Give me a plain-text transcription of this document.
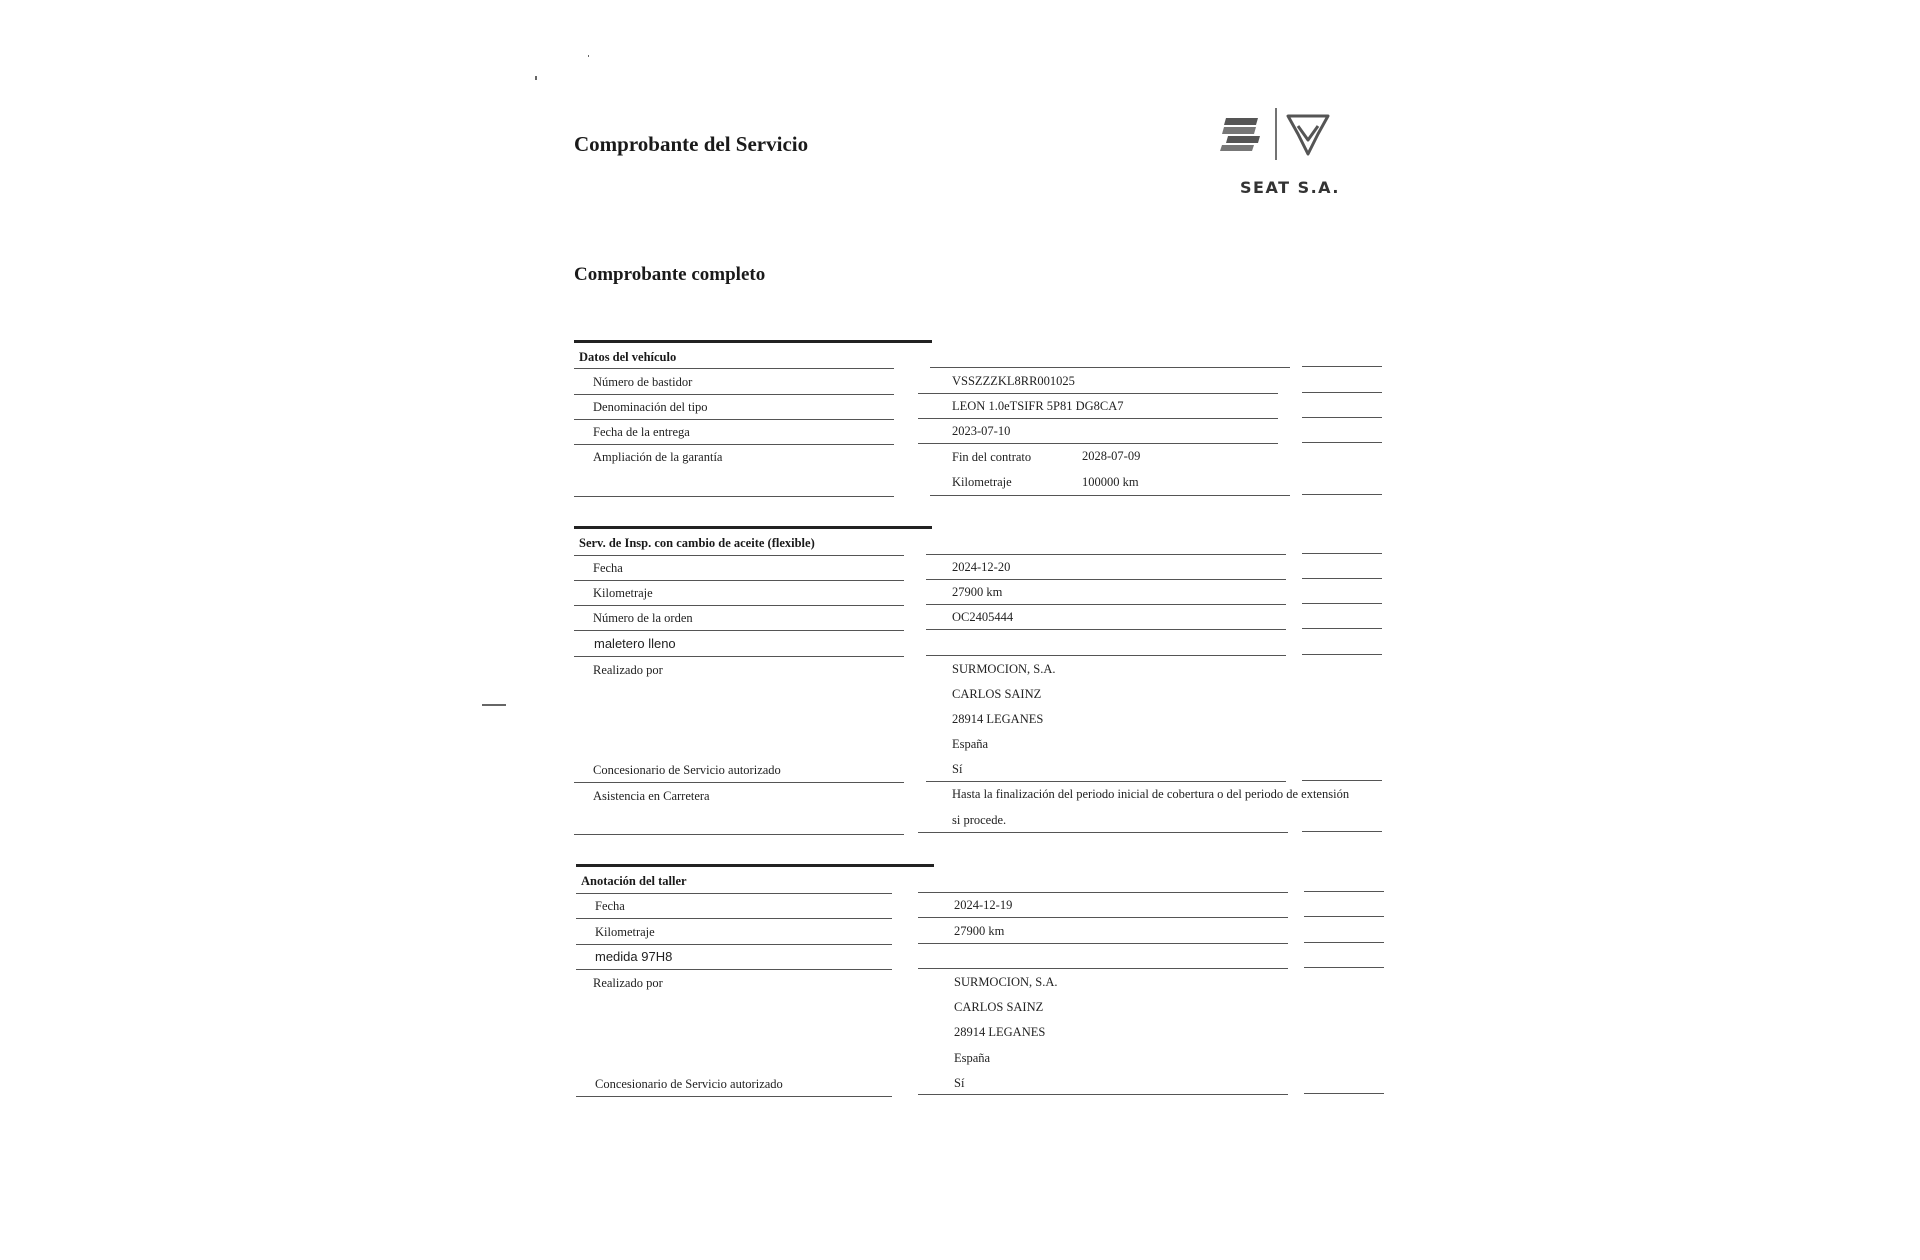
Comprobante del Servicio
SEAT S.A.
Comprobante completo
Datos del vehículo
Número de bastidor	VSSZZZKL8RR001025
Denominación del tipo	LEON 1.0eTSIFR 5P81 DG8CA7
Fecha de la entrega	2023-07-10
Ampliación de la garantía	Fin del contrato	2028-07-09
Kilometraje	100000 km
Serv. de Insp. con cambio de aceite (flexible)
Fecha	2024-12-20
Kilometraje	27900 km
Número de la orden	OC2405444
maletero lleno
Realizado por	SURMOCION, S.A.
CARLOS SAINZ
28914 LEGANES
España
Concesionario de Servicio autorizado	Sí
Asistencia en Carretera	Hasta la finalización del periodo inicial de cobertura o del periodo de extensión
si procede.
Anotación del taller
Fecha	2024-12-19
Kilometraje	27900 km
medida 97H8
Realizado por	SURMOCION, S.A.
CARLOS SAINZ
28914 LEGANES
España
Concesionario de Servicio autorizado	Sí
